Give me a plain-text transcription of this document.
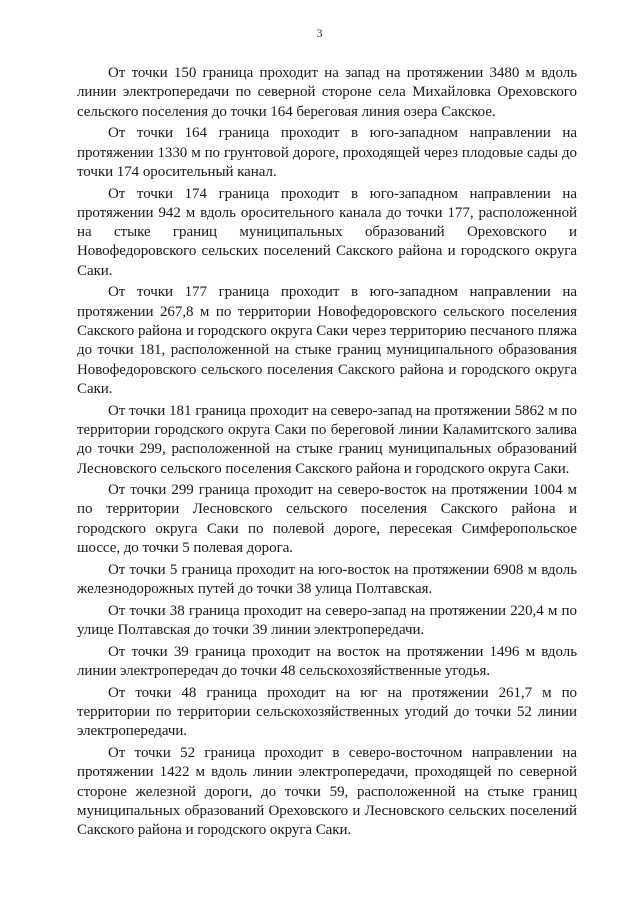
3

От точки 150 граница проходит на запад на протяжении 3480 м вдоль линии электропередачи по северной стороне села Михайловка Ореховского сельского поселения до точки 164 береговая линия озера Сакское.

От точки 164 граница проходит в юго-западном направлении на протяжении 1330 м по грунтовой дороге, проходящей через плодовые сады до точки 174 оросительный канал.

От точки 174 граница проходит в юго-западном направлении на протяжении 942 м вдоль оросительного канала до точки 177, расположенной на стыке границ муниципальных образований Ореховского и Новофедоровского сельских поселений Сакского района и городского округа Саки.

От точки 177 граница проходит в юго-западном направлении на протяжении 267,8 м по территории Новофедоровского сельского поселения Сакского района и городского округа Саки через территорию песчаного пляжа до точки 181, расположенной на стыке границ муниципального образования Новофедоровского сельского поселения Сакского района и городского округа Саки.

От точки 181 граница проходит на северо-запад на протяжении 5862 м по территории городского округа Саки по береговой линии Каламитского залива до точки 299, расположенной на стыке границ муниципальных образований Лесновского сельского поселения Сакского района и городского округа Саки.

От точки 299 граница проходит на северо-восток на протяжении 1004 м по территории Лесновского сельского поселения Сакского района и городского округа Саки по полевой дороге, пересекая Симферопольское шоссе, до точки 5 полевая дорога.

От точки 5 граница проходит на юго-восток на протяжении 6908 м вдоль железнодорожных путей до точки 38 улица Полтавская.

От точки 38 граница проходит на северо-запад на протяжении 220,4 м по улице Полтавская до точки 39 линии электропередачи.

От точки 39 граница проходит на восток на протяжении 1496 м вдоль линии электропередач до точки 48 сельскохозяйственные угодья.

От точки 48 граница проходит на юг на протяжении 261,7 м по территории по территории сельскохозяйственных угодий до точки 52 линии электропередачи.

От точки 52 граница проходит в северо-восточном направлении на протяжении 1422 м вдоль линии электропередачи, проходящей по северной стороне железной дороги, до точки 59, расположенной на стыке границ муниципальных образований Ореховского и Лесновского сельских поселений Сакского района и городского округа Саки.
